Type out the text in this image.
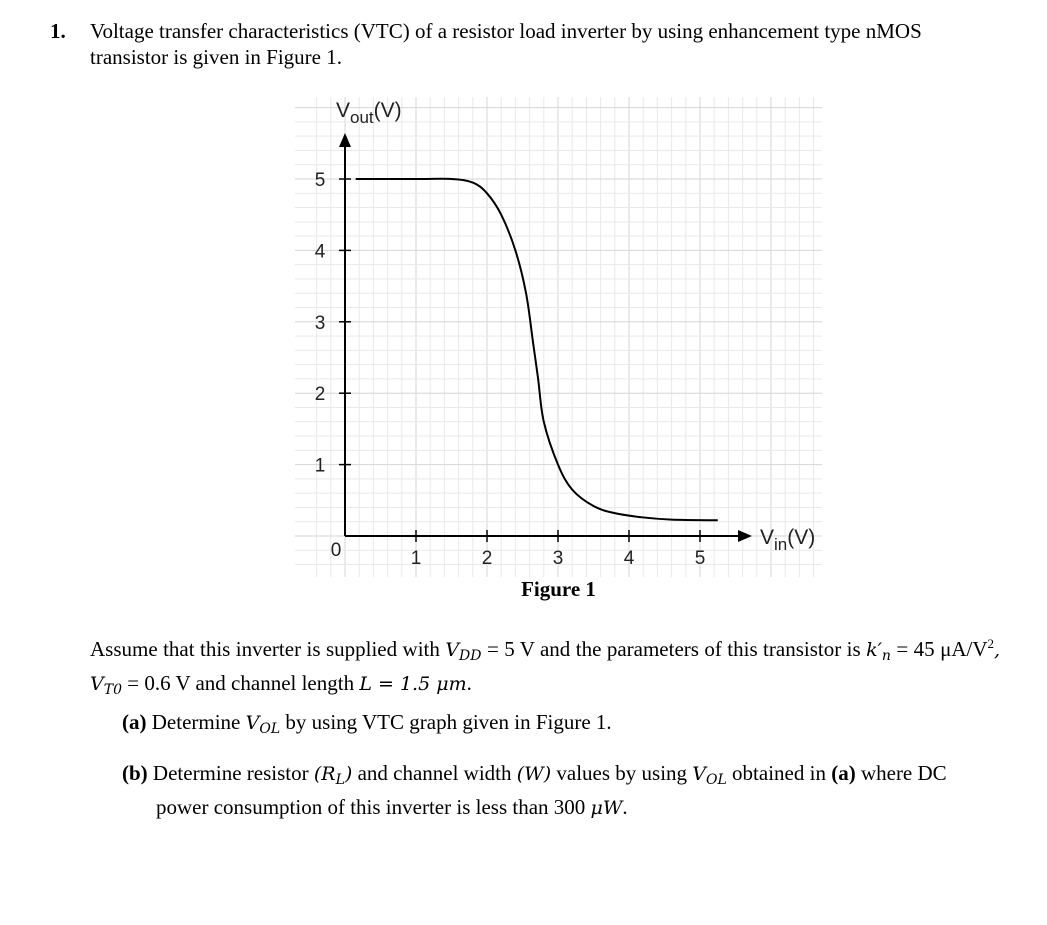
1. Voltage transfer characteristics (VTC) of a resistor load inverter by using enhancement type nMOS transistor is given in Figure 1.
5
4
3
2
1
1	2	3	4	5
0
$V_{out}(V)$
$V_{in}(V)$
Figure 1
Assume that this inverter is supplied with $V_{DD} = 5$ V and the parameters of this transistor is $k'_n = 45$ $\mu A/V^2$, $V_{T0} = 0.6$ V and channel length L = 1.5 μm.
(a) Determine $V_{OL}$ by using VTC graph given in Figure 1.
(b) Determine resistor $(R_L)$ and channel width (W) values by using $V_{OL}$ obtained in (a) where DC
power consumption of this inverter is less than 300 μW.
